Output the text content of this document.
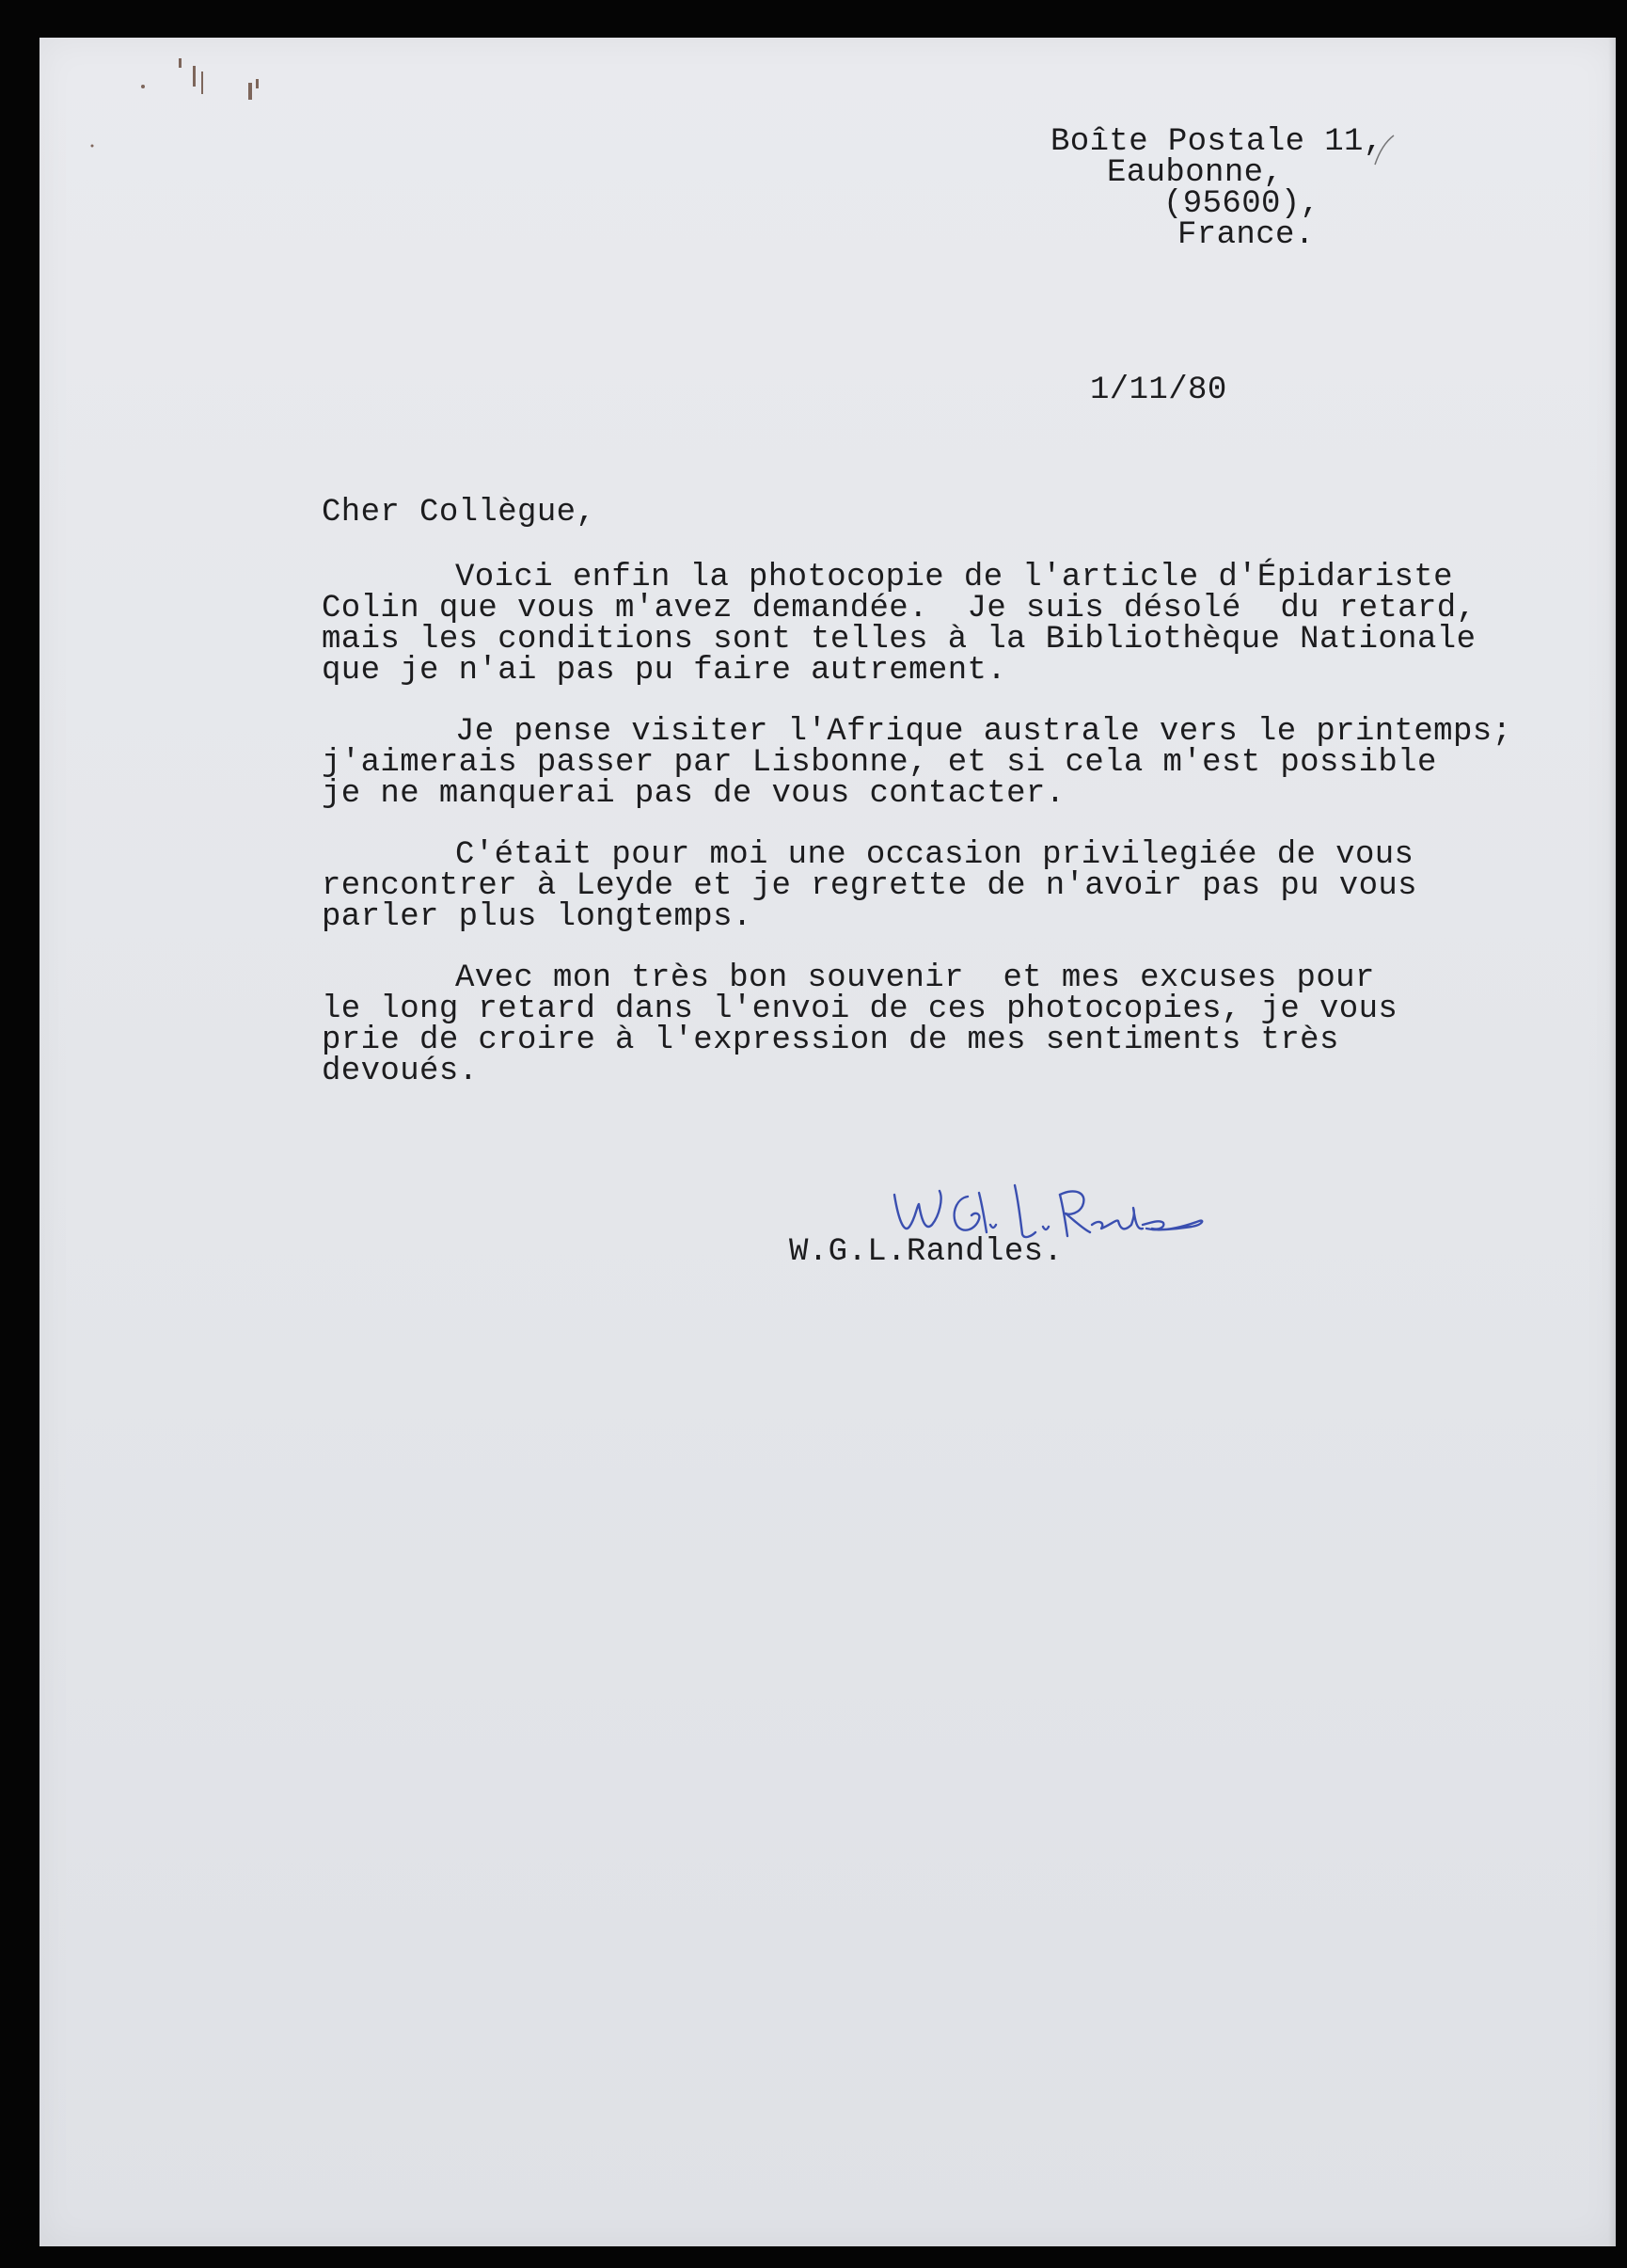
Boîte Postale 11,
Eaubonne,
(95600),
France.
1/11/80
Cher Collègue,
Voici enfin la photocopie de l'article d'Épidariste
Colin que vous m'avez demandée.  Je suis désolé  du retard,
mais les conditions sont telles à la Bibliothèque Nationale
que je n'ai pas pu faire autrement.
Je pense visiter l'Afrique australe vers le printemps;
j'aimerais passer par Lisbonne, et si cela m'est possible
je ne manquerai pas de vous contacter.
C'était pour moi une occasion privilegiée de vous
rencontrer à Leyde et je regrette de n'avoir pas pu vous
parler plus longtemps.
Avec mon très bon souvenir  et mes excuses pour
le long retard dans l'envoi de ces photocopies, je vous
prie de croire à l'expression de mes sentiments très
devoués.
W.G.L.Randles.
